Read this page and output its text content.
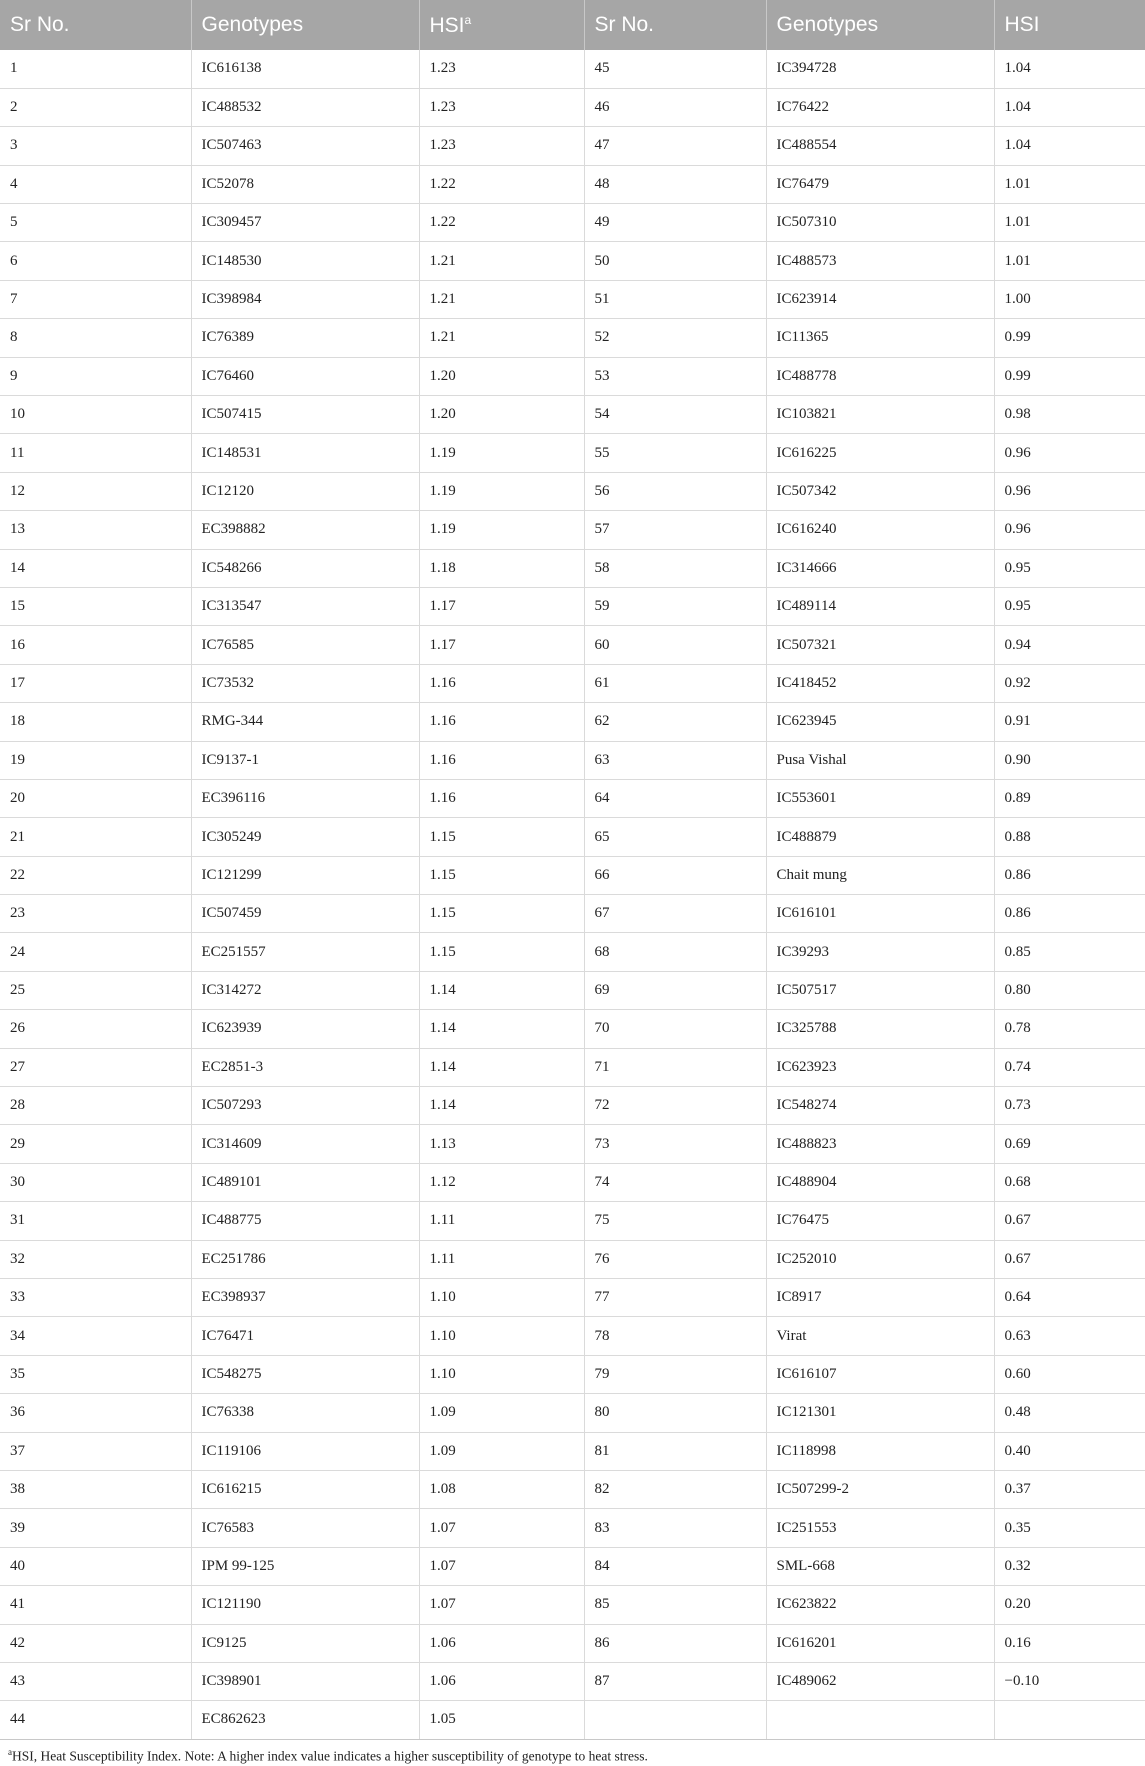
Sr No.	Genotypes	HSI$^a$	Sr No.	Genotypes	HSI
1	IC616138	1.23	45	IC394728	1.04
2	IC488532	1.23	46	IC76422	1.04
3	IC507463	1.23	47	IC488554	1.04
4	IC52078	1.22	48	IC76479	1.01
5	IC309457	1.22	49	IC507310	1.01
6	IC148530	1.21	50	IC488573	1.01
7	IC398984	1.21	51	IC623914	1.00
8	IC76389	1.21	52	IC11365	0.99
9	IC76460	1.20	53	IC488778	0.99
10	IC507415	1.20	54	IC103821	0.98
11	IC148531	1.19	55	IC616225	0.96
12	IC12120	1.19	56	IC507342	0.96
13	EC398882	1.19	57	IC616240	0.96
14	IC548266	1.18	58	IC314666	0.95
15	IC313547	1.17	59	IC489114	0.95
16	IC76585	1.17	60	IC507321	0.94
17	IC73532	1.16	61	IC418452	0.92
18	RMG-344	1.16	62	IC623945	0.91
19	IC9137-1	1.16	63	Pusa Vishal	0.90
20	EC396116	1.16	64	IC553601	0.89
21	IC305249	1.15	65	IC488879	0.88
22	IC121299	1.15	66	Chait mung	0.86
23	IC507459	1.15	67	IC616101	0.86
24	EC251557	1.15	68	IC39293	0.85
25	IC314272	1.14	69	IC507517	0.80
26	IC623939	1.14	70	IC325788	0.78
27	EC2851-3	1.14	71	IC623923	0.74
28	IC507293	1.14	72	IC548274	0.73
29	IC314609	1.13	73	IC488823	0.69
30	IC489101	1.12	74	IC488904	0.68
31	IC488775	1.11	75	IC76475	0.67
32	EC251786	1.11	76	IC252010	0.67
33	EC398937	1.10	77	IC8917	0.64
34	IC76471	1.10	78	Virat	0.63
35	IC548275	1.10	79	IC616107	0.60
36	IC76338	1.09	80	IC121301	0.48
37	IC119106	1.09	81	IC118998	0.40
38	IC616215	1.08	82	IC507299-2	0.37
39	IC76583	1.07	83	IC251553	0.35
40	IPM 99-125	1.07	84	SML-668	0.32
41	IC121190	1.07	85	IC623822	0.20
42	IC9125	1.06	86	IC616201	0.16
43	IC398901	1.06	87	IC489062	−0.10
44	EC862623	1.05			
$^a$HSI, Heat Susceptibility Index. Note: A higher index value indicates a higher susceptibility of genotype to heat stress.
